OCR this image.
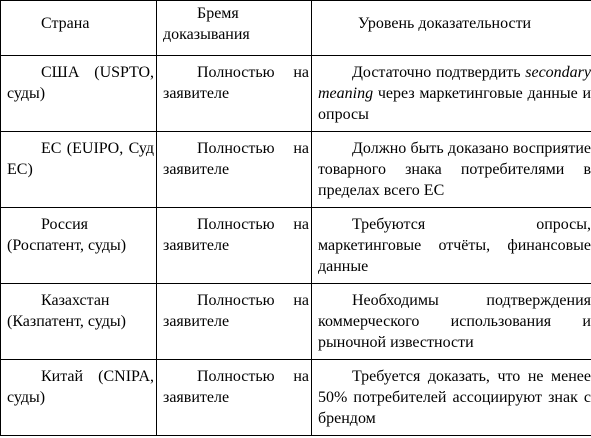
Страна	Бремя доказывания	Уровень доказательности
США (USPTO, суды)	Полностью на заявителе	Достаточно подтвердить secondary meaning через маркетинговые данные и опросы
ЕС (EUIPO, Суд ЕС)	Полностью на заявителе	Должно быть доказано восприятие товарного знака потребителями в пределах всего ЕС
Россия (Роспатент, суды)	Полностью на заявителе	Требуются опросы, маркетинговые отчёты, финансовые данные
Казахстан (Казпатент, суды)	Полностью на заявителе	Необходимы подтверждения коммерческого использования и рыночной известности
Китай (CNIPA, суды)	Полностью на заявителе	Требуется доказать, что не менее 50% потребителей ассоциируют знак с брендом
